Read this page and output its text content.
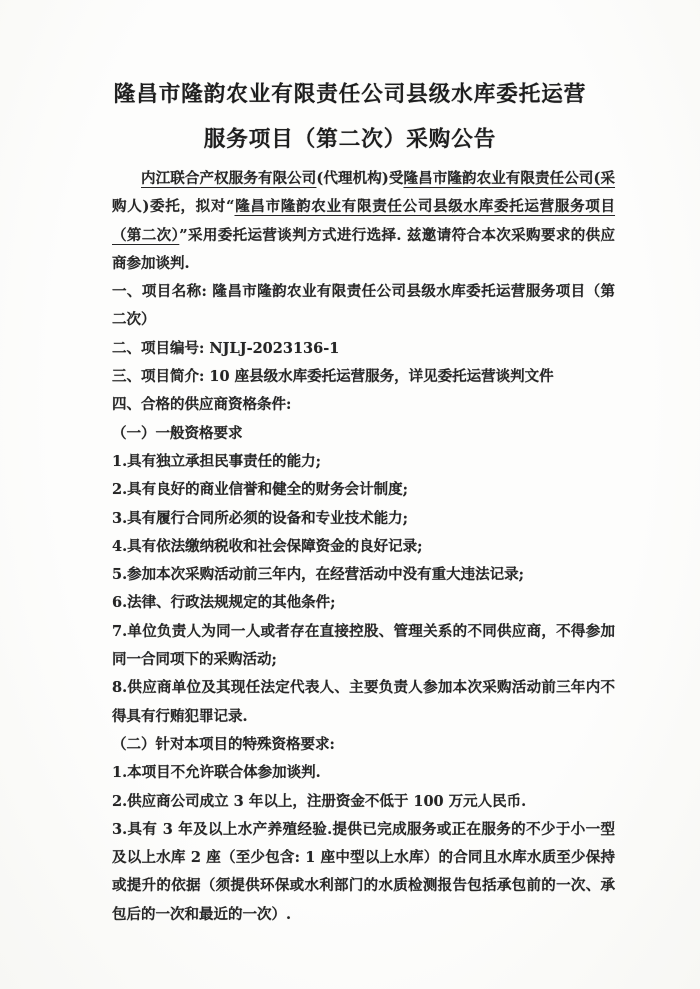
隆昌市隆韵农业有限责任公司县级水库委托运营
服务项目（第二次）采购公告

内江联合产权服务有限公司(代理机构)受隆昌市隆韵农业有限责任公司(采购人)委托，拟对“隆昌市隆韵农业有限责任公司县级水库委托运营服务项目（第二次）”采用委托运营谈判方式进行选择. 兹邀请符合本次采购要求的供应商参加谈判.

一、项目名称: 隆昌市隆韵农业有限责任公司县级水库委托运营服务项目（第二次）

二、项目编号: NJLJ-2023136-1

三、项目简介: 10 座县级水库委托运营服务，详见委托运营谈判文件

四、合格的供应商资格条件:

（一）一般资格要求

1.具有独立承担民事责任的能力;

2.具有良好的商业信誉和健全的财务会计制度;

3.具有履行合同所必须的设备和专业技术能力;

4.具有依法缴纳税收和社会保障资金的良好记录;

5.参加本次采购活动前三年内，在经营活动中没有重大违法记录;

6.法律、行政法规规定的其他条件;

7.单位负责人为同一人或者存在直接控股、管理关系的不同供应商，不得参加同一合同项下的采购活动;

8.供应商单位及其现任法定代表人、主要负责人参加本次采购活动前三年内不得具有行贿犯罪记录.

（二）针对本项目的特殊资格要求:

1.本项目不允许联合体参加谈判.

2.供应商公司成立 3 年以上，注册资金不低于 100 万元人民币.

3.具有 3 年及以上水产养殖经验.提供已完成服务或正在服务的不少于小一型及以上水库 2 座（至少包含: 1 座中型以上水库）的合同且水库水质至少保持或提升的依据（须提供环保或水利部门的水质检测报告包括承包前的一次、承包后的一次和最近的一次）.
